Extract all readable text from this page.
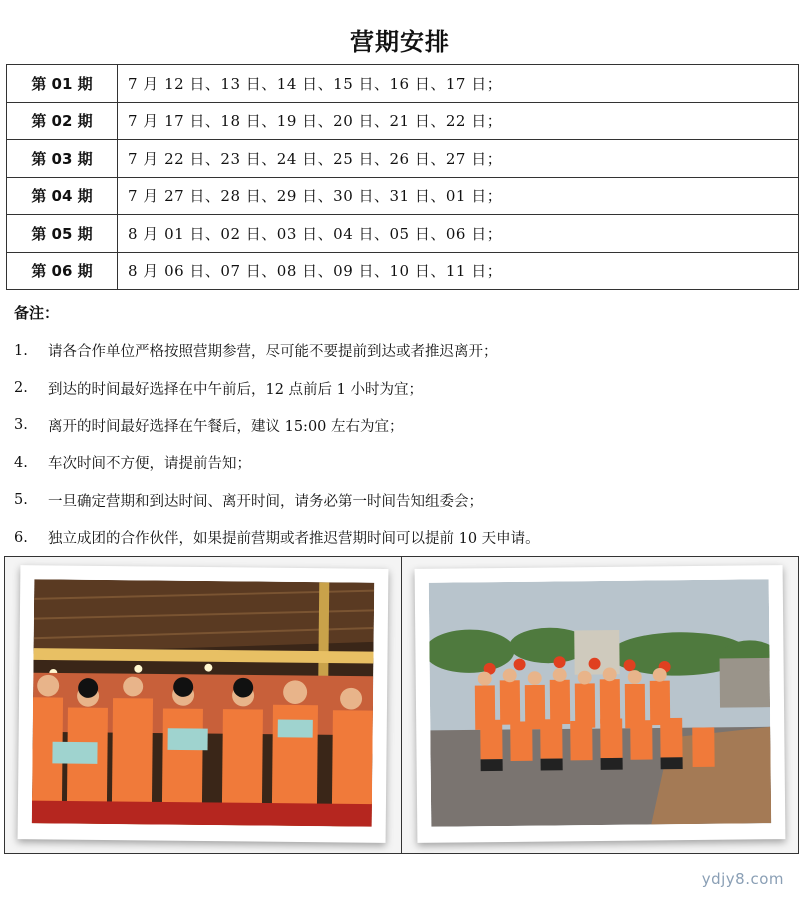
营期安排
第 01 期	7 月 12 日、13 日、14 日、15 日、16 日、17 日；
第 02 期	7 月 17 日、18 日、19 日、20 日、21 日、22 日；
第 03 期	7 月 22 日、23 日、24 日、25 日、26 日、27 日；
第 04 期	7 月 27 日、28 日、29 日、30 日、31 日、01 日；
第 05 期	8 月 01 日、02 日、03 日、04 日、05 日、06 日；
第 06 期	8 月 06 日、07 日、08 日、09 日、10 日、11 日；
备注：
1.	请各合作单位严格按照营期参营，尽可能不要提前到达或者推迟离开；
2.	到达的时间最好选择在中午前后，12 点前后 1 小时为宜；
3.	离开的时间最好选择在午餐后，建议 15:00 左右为宜；
4.	车次时间不方便，请提前告知；
5.	一旦确定营期和到达时间、离开时间，请务必第一时间告知组委会；
6.	独立成团的合作伙伴，如果提前营期或者推迟营期时间可以提前 10 天申请。
ydjy8.com
